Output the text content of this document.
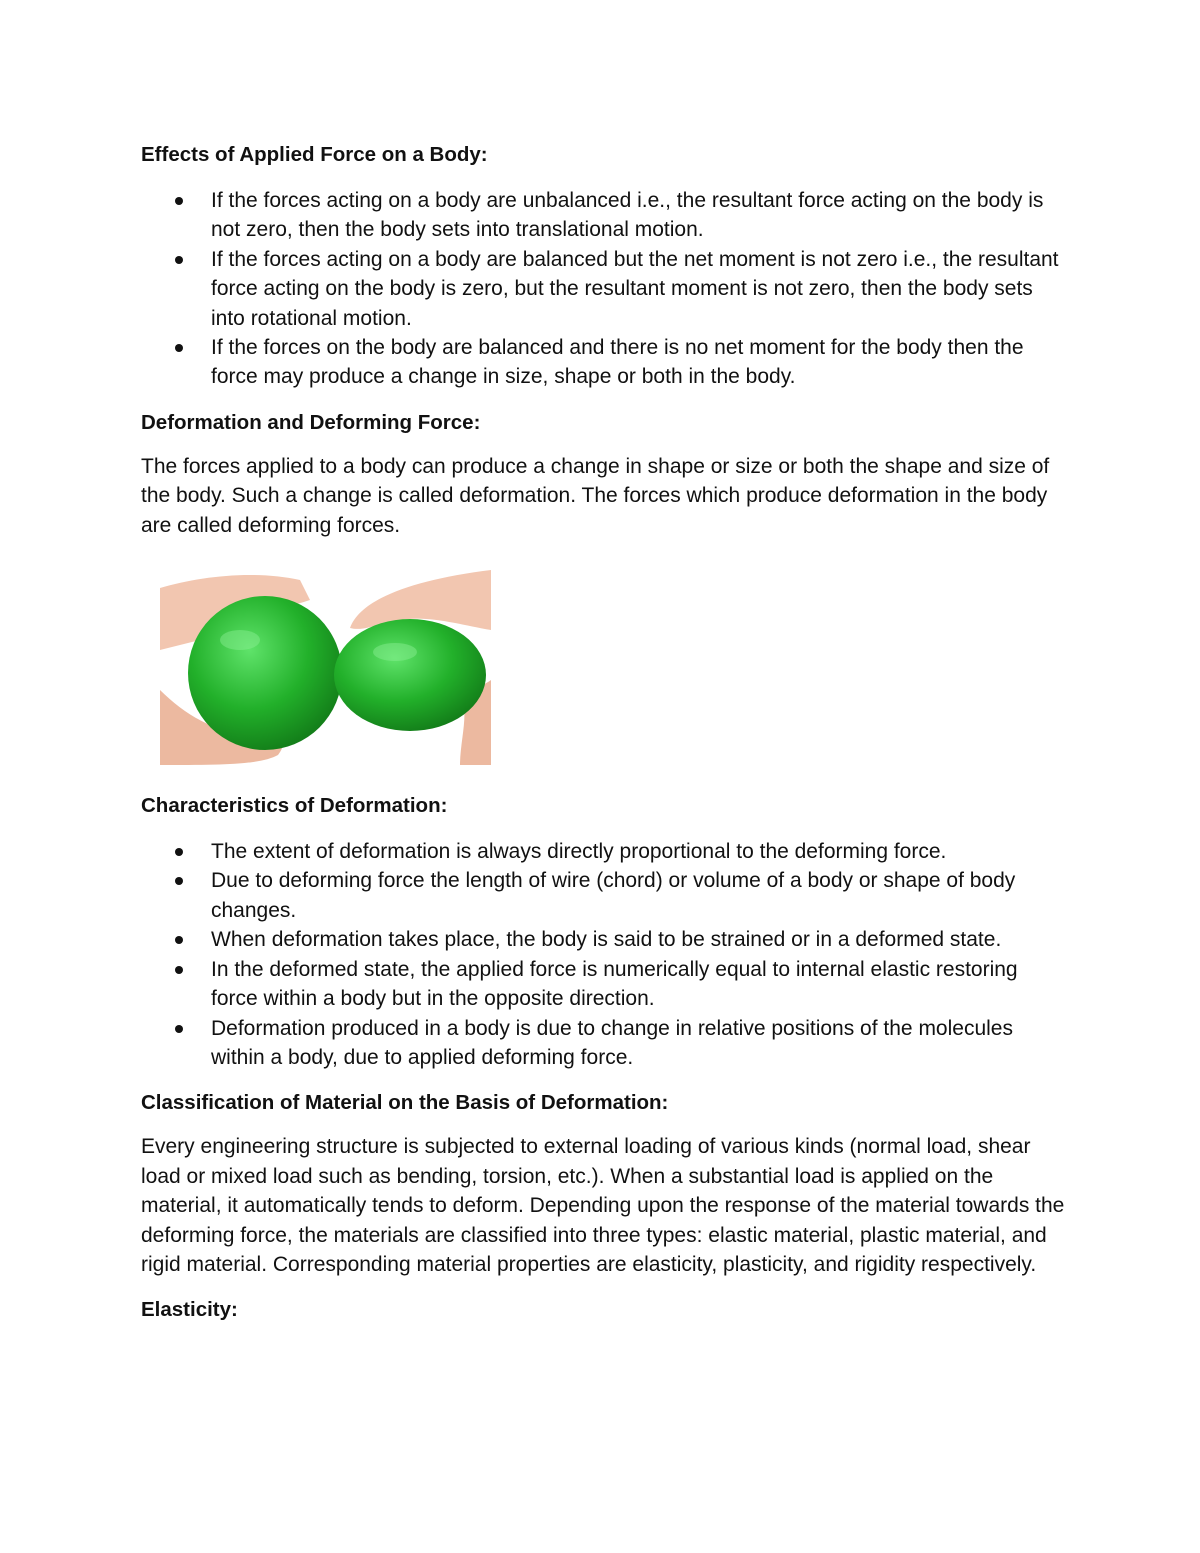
Effects of Applied Force on a Body:
If the forces acting on a body are unbalanced i.e., the resultant force acting on the body is not zero, then the body sets into translational motion.
If the forces acting on a body are balanced but the net moment is not zero i.e., the resultant force acting on the body is zero, but the resultant moment is not zero, then the body sets into rotational motion.
If the forces on the body are balanced and there is no net moment for the body then the force may produce a change in size, shape or both in the body.
Deformation and Deforming Force:

The forces applied to a body can produce a change in shape or size or both the shape and size of the body. Such a change is called deformation. The forces which produce deformation in the body are called deforming forces.

Characteristics of Deformation:
The extent of deformation is always directly proportional to the deforming force.
Due to deforming force the length of wire (chord) or volume of a body or shape of body changes.
When deformation takes place, the body is said to be strained or in a deformed state.
In the deformed state, the applied force is numerically equal to internal elastic restoring force within a body but in the opposite direction.
Deformation produced in a body is due to change in relative positions of the molecules within a body, due to applied deforming force.
Classification of Material on the Basis of Deformation:

Every engineering structure is subjected to external loading of various kinds (normal load, shear load or mixed load such as bending, torsion, etc.). When a substantial load is applied on the material, it automatically tends to deform. Depending upon the response of the material towards the deforming force, the materials are classified into three types: elastic material, plastic material, and rigid material. Corresponding material properties are elasticity, plasticity, and rigidity respectively.

Elasticity:
